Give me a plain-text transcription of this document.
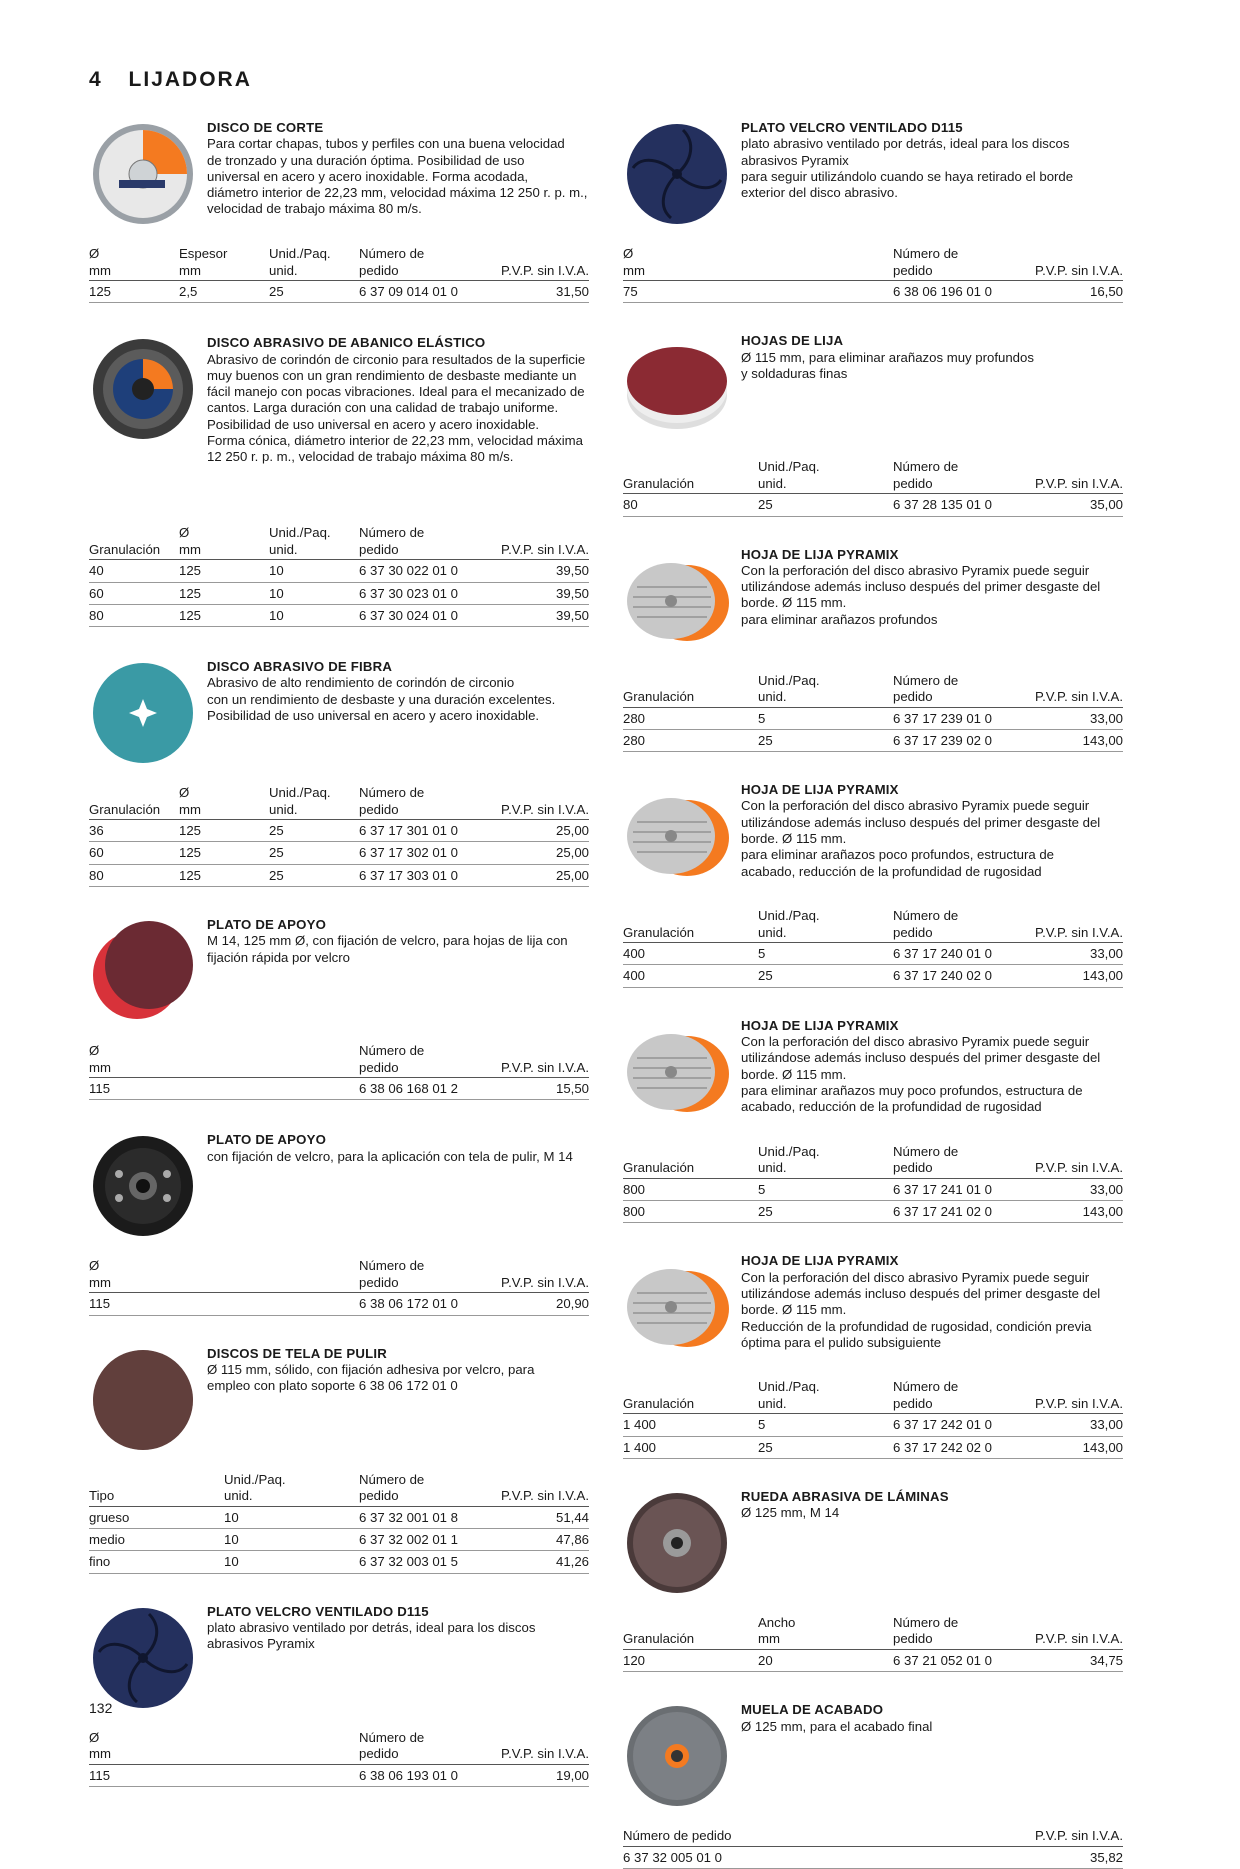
4 LIJADORA
DISCO DE CORTE
Para cortar chapas, tubos y perfiles con una buena velocidad
de tronzado y una duración óptima. Posibilidad de uso
universal en acero y acero inoxidable. Forma acodada,
diámetro interior de 22,23 mm, velocidad máxima 12 250 r. p. m.,
velocidad de trabajo máxima 80 m/s.
Ø
mm	Espesor
mm	Unid./Paq.
unid.	Número de
pedido	P.V.P. sin I.V.A.
125	2,5	25	6 37 09 014 01 0	31,50
DISCO ABRASIVO DE ABANICO ELÁSTICO
Abrasivo de corindón de circonio para resultados de la superficie
muy buenos con un gran rendimiento de desbaste mediante un
fácil manejo con pocas vibraciones. Ideal para el mecanizado de
cantos. Larga duración con una calidad de trabajo uniforme.
Posibilidad de uso universal en acero y acero inoxidable.
Forma cónica, diámetro interior de 22,23 mm, velocidad máxima
12 250 r. p. m., velocidad de trabajo máxima 80 m/s.
Granulación	Ø
mm	Unid./Paq.
unid.	Número de
pedido	P.V.P. sin I.V.A.
40	125	10	6 37 30 022 01 0	39,50
60	125	10	6 37 30 023 01 0	39,50
80	125	10	6 37 30 024 01 0	39,50
DISCO ABRASIVO DE FIBRA
Abrasivo de alto rendimiento de corindón de circonio
con un rendimiento de desbaste y una duración excelentes.
Posibilidad de uso universal en acero y acero inoxidable.
Granulación	Ø
mm	Unid./Paq.
unid.	Número de
pedido	P.V.P. sin I.V.A.
36	125	25	6 37 17 301 01 0	25,00
60	125	25	6 37 17 302 01 0	25,00
80	125	25	6 37 17 303 01 0	25,00
PLATO DE APOYO
M 14, 125 mm Ø, con fijación de velcro, para hojas de lija con
fijación rápida por velcro
Ø
mm			Número de
pedido	P.V.P. sin I.V.A.
115			6 38 06 168 01 2	15,50
PLATO DE APOYO
con fijación de velcro, para la aplicación con tela de pulir, M 14
Ø
mm			Número de
pedido	P.V.P. sin I.V.A.
115			6 38 06 172 01 0	20,90
DISCOS DE TELA DE PULIR
Ø 115 mm, sólido, con fijación adhesiva por velcro, para
empleo con plato soporte 6 38 06 172 01 0
Tipo	Unid./Paq.
unid.	Número de
pedido	P.V.P. sin I.V.A.
grueso	10	6 37 32 001 01 8	51,44
medio	10	6 37 32 002 01 1	47,86
fino	10	6 37 32 003 01 5	41,26
PLATO VELCRO VENTILADO D115
plato abrasivo ventilado por detrás, ideal para los discos
abrasivos Pyramix
Ø
mm			Número de
pedido	P.V.P. sin I.V.A.
115			6 38 06 193 01 0	19,00
PLATO VELCRO VENTILADO D115
plato abrasivo ventilado por detrás, ideal para los discos
abrasivos Pyramix
para seguir utilizándolo cuando se haya retirado el borde
exterior del disco abrasivo.
Ø
mm		Número de
pedido	P.V.P. sin I.V.A.
75		6 38 06 196 01 0	16,50
HOJAS DE LIJA
Ø 115 mm, para eliminar arañazos muy profundos
y soldaduras finas
Granulación	Unid./Paq.
unid.	Número de
pedido	P.V.P. sin I.V.A.
80	25	6 37 28 135 01 0	35,00
HOJA DE LIJA PYRAMIX
Con la perforación del disco abrasivo Pyramix puede seguir
utilizándose además incluso después del primer desgaste del
borde. Ø 115 mm.
para eliminar arañazos profundos
Granulación	Unid./Paq.
unid.	Número de
pedido	P.V.P. sin I.V.A.
280	5	6 37 17 239 01 0	33,00
280	25	6 37 17 239 02 0	143,00
HOJA DE LIJA PYRAMIX
Con la perforación del disco abrasivo Pyramix puede seguir
utilizándose además incluso después del primer desgaste del
borde. Ø 115 mm.
para eliminar arañazos poco profundos, estructura de
acabado, reducción de la profundidad de rugosidad
Granulación	Unid./Paq.
unid.	Número de
pedido	P.V.P. sin I.V.A.
400	5	6 37 17 240 01 0	33,00
400	25	6 37 17 240 02 0	143,00
HOJA DE LIJA PYRAMIX
Con la perforación del disco abrasivo Pyramix puede seguir
utilizándose además incluso después del primer desgaste del
borde. Ø 115 mm.
para eliminar arañazos muy poco profundos, estructura de
acabado, reducción de la profundidad de rugosidad
Granulación	Unid./Paq.
unid.	Número de
pedido	P.V.P. sin I.V.A.
800	5	6 37 17 241 01 0	33,00
800	25	6 37 17 241 02 0	143,00
HOJA DE LIJA PYRAMIX
Con la perforación del disco abrasivo Pyramix puede seguir
utilizándose además incluso después del primer desgaste del
borde. Ø 115 mm.
Reducción de la profundidad de rugosidad, condición previa
óptima para el pulido subsiguiente
Granulación	Unid./Paq.
unid.	Número de
pedido	P.V.P. sin I.V.A.
1 400	5	6 37 17 242 01 0	33,00
1 400	25	6 37 17 242 02 0	143,00
RUEDA ABRASIVA DE LÁMINAS
Ø 125 mm, M 14
Granulación	Ancho
mm	Número de
pedido	P.V.P. sin I.V.A.
120	20	6 37 21 052 01 0	34,75
MUELA DE ACABADO
Ø 125 mm, para el acabado final
Número de pedido			P.V.P. sin I.V.A.
6 37 32 005 01 0			35,82
132
